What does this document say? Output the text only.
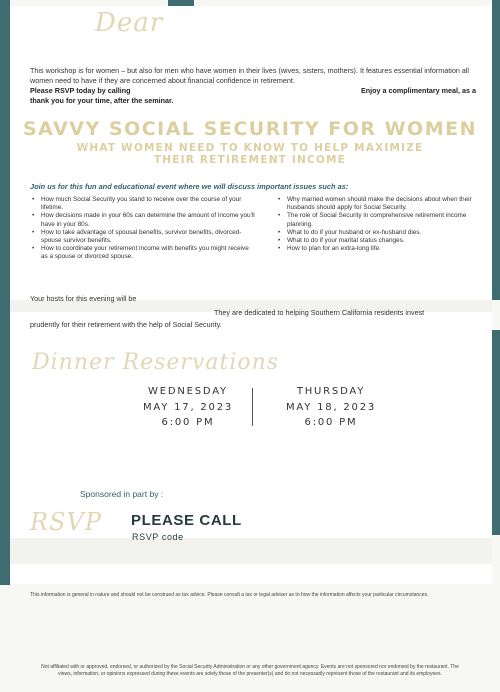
Dear
This workshop is for women – but also for men who have women in their lives (wives, sisters, mothers). It features essential information all women need to have if they are concerned about financial confidence in retirement.
Please RSVP today by calling	Enjoy a complimentary meal, as a
thank you for your time, after the seminar.
SAVVY SOCIAL SECURITY FOR WOMEN
WHAT WOMEN NEED TO KNOW TO HELP MAXIMIZE
THEIR RETIREMENT INCOME
Join us for this fun and educational event where we will discuss important issues such as:
• How much Social Security you stand to receive over the course of your lifetime.
• How decisions made in your 60s can determine the amount of income you'll have in your 80s.
• How to take advantage of spousal benefits, survivor benefits, divorced-spouse survivor benefits.
• How to coordinate your retirement income with benefits you might receive as a spouse or divorced spouse.
• Why married women should make the decisions about when their husbands should apply for Social Security.
• The role of Social Security in comprehensive retirement income planning.
• What to do if your husband or ex-husband dies.
• What to do if your marital status changes.
• How to plan for an extra-long life.
Your hosts for this evening will be
They are dedicated to helping Southern California residents invest
prudently for their retirement with the help of Social Security.
Dinner Reservations
WEDNESDAY
MAY 17, 2023
6:00 PM
THURSDAY
MAY 18, 2023
6:00 PM
Sponsored in part by :
RSVP PLEASE CALL
RSVP code
This information is general in nature and should not be construed as tax advice. Please consult a tax or legal adviser as to how the information affects your particular circumstances.
Not affiliated with or approved, endorsed, or authorized by the Social Security Administration or any other government agency. Events are not sponsored nor endorsed by the restaurant. The views, information, or opinions expressed during these events are solely those of the presenter(s) and do not necessarily represent those of the restaurant and its employees.
